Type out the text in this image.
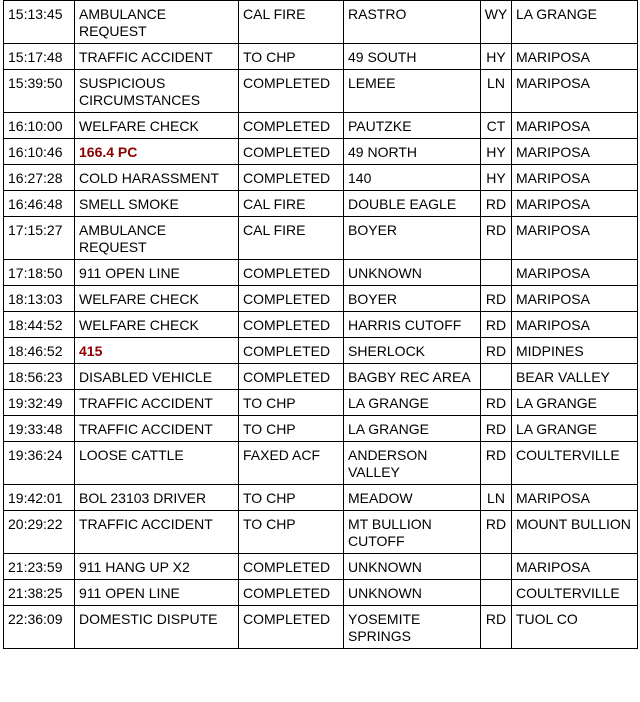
15:13:45	AMBULANCE REQUEST	CAL FIRE	RASTRO	WY	LA GRANGE
15:17:48	TRAFFIC ACCIDENT	TO CHP	49 SOUTH	HY	MARIPOSA
15:39:50	SUSPICIOUS CIRCUMSTANCES	COMPLETED	LEMEE	LN	MARIPOSA
16:10:00	WELFARE CHECK	COMPLETED	PAUTZKE	CT	MARIPOSA
16:10:46	166.4 PC	COMPLETED	49 NORTH	HY	MARIPOSA
16:27:28	COLD HARASSMENT	COMPLETED	140	HY	MARIPOSA
16:46:48	SMELL SMOKE	CAL FIRE	DOUBLE EAGLE	RD	MARIPOSA
17:15:27	AMBULANCE REQUEST	CAL FIRE	BOYER	RD	MARIPOSA
17:18:50	911 OPEN LINE	COMPLETED	UNKNOWN		MARIPOSA
18:13:03	WELFARE CHECK	COMPLETED	BOYER	RD	MARIPOSA
18:44:52	WELFARE CHECK	COMPLETED	HARRIS CUTOFF	RD	MARIPOSA
18:46:52	415	COMPLETED	SHERLOCK	RD	MIDPINES
18:56:23	DISABLED VEHICLE	COMPLETED	BAGBY REC AREA		BEAR VALLEY
19:32:49	TRAFFIC ACCIDENT	TO CHP	LA GRANGE	RD	LA GRANGE
19:33:48	TRAFFIC ACCIDENT	TO CHP	LA GRANGE	RD	LA GRANGE
19:36:24	LOOSE CATTLE	FAXED ACF	ANDERSON VALLEY	RD	COULTERVILLE
19:42:01	BOL 23103 DRIVER	TO CHP	MEADOW	LN	MARIPOSA
20:29:22	TRAFFIC ACCIDENT	TO CHP	MT BULLION CUTOFF	RD	MOUNT BULLION
21:23:59	911 HANG UP X2	COMPLETED	UNKNOWN		MARIPOSA
21:38:25	911 OPEN LINE	COMPLETED	UNKNOWN		COULTERVILLE
22:36:09	DOMESTIC DISPUTE	COMPLETED	YOSEMITE SPRINGS	RD	TUOL CO
